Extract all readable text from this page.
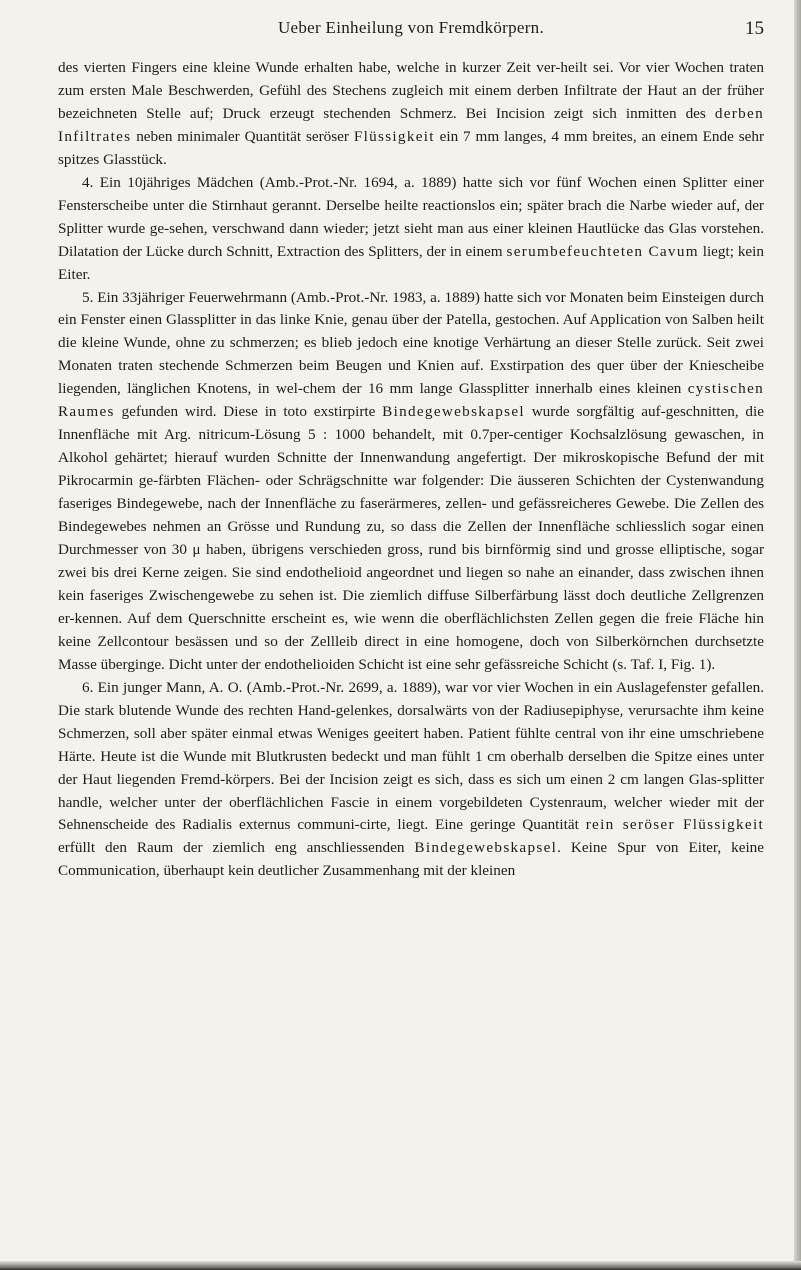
Ueber Einheilung von Fremdkörpern.	15

des vierten Fingers eine kleine Wunde erhalten habe, welche in kurzer Zeit ver-heilt sei. Vor vier Wochen traten zum ersten Male Beschwerden, Gefühl des Stechens zugleich mit einem derben Infiltrate der Haut an der früher bezeichneten Stelle auf; Druck erzeugt stechenden Schmerz. Bei Incision zeigt sich inmitten des derben Infiltrates neben minimaler Quantität seröser Flüssigkeit ein 7 mm langes, 4 mm breites, an einem Ende sehr spitzes Glasstück.

4. Ein 10jähriges Mädchen (Amb.-Prot.-Nr. 1694, a. 1889) hatte sich vor fünf Wochen einen Splitter einer Fensterscheibe unter die Stirnhaut gerannt. Derselbe heilte reactionslos ein; später brach die Narbe wieder auf, der Splitter wurde ge-sehen, verschwand dann wieder; jetzt sieht man aus einer kleinen Hautlücke das Glas vorstehen. Dilatation der Lücke durch Schnitt, Extraction des Splitters, der in einem serumbefeuchteten Cavum liegt; kein Eiter.

5. Ein 33jähriger Feuerwehrmann (Amb.-Prot.-Nr. 1983, a. 1889) hatte sich vor Monaten beim Einsteigen durch ein Fenster einen Glassplitter in das linke Knie, genau über der Patella, gestochen. Auf Application von Salben heilt die kleine Wunde, ohne zu schmerzen; es blieb jedoch eine knotige Verhärtung an dieser Stelle zurück. Seit zwei Monaten traten stechende Schmerzen beim Beugen und Knien auf. Exstirpation des quer über der Kniescheibe liegenden, länglichen Knotens, in wel-chem der 16 mm lange Glassplitter innerhalb eines kleinen cystischen Raumes gefunden wird. Diese in toto exstirpirte Bindegewebskapsel wurde sorgfältig auf-geschnitten, die Innenfläche mit Arg. nitricum-Lösung 5 : 1000 behandelt, mit 0.7per-centiger Kochsalzlösung gewaschen, in Alkohol gehärtet; hierauf wurden Schnitte der Innenwandung angefertigt. Der mikroskopische Befund der mit Pikrocarmin ge-färbten Flächen- oder Schrägschnitte war folgender: Die äusseren Schichten der Cystenwandung faseriges Bindegewebe, nach der Innenfläche zu faserärmeres, zellen- und gefässreicheres Gewebe. Die Zellen des Bindegewebes nehmen an Grösse und Rundung zu, so dass die Zellen der Innenfläche schliesslich sogar einen Durchmesser von 30 μ haben, übrigens verschieden gross, rund bis birnförmig sind und grosse elliptische, sogar zwei bis drei Kerne zeigen. Sie sind endothelioid angeordnet und liegen so nahe an einander, dass zwischen ihnen kein faseriges Zwischengewebe zu sehen ist. Die ziemlich diffuse Silberfärbung lässt doch deutliche Zellgrenzen er-kennen. Auf dem Querschnitte erscheint es, wie wenn die oberflächlichsten Zellen gegen die freie Fläche hin keine Zellcontour besässen und so der Zellleib direct in eine homogene, doch von Silberkörnchen durchsetzte Masse überginge. Dicht unter der endothelioiden Schicht ist eine sehr gefässreiche Schicht (s. Taf. I, Fig. 1).

6. Ein junger Mann, A. O. (Amb.-Prot.-Nr. 2699, a. 1889), war vor vier Wochen in ein Auslagefenster gefallen. Die stark blutende Wunde des rechten Hand-gelenkes, dorsalwärts von der Radiusepiphyse, verursachte ihm keine Schmerzen, soll aber später einmal etwas Weniges geeitert haben. Patient fühlte central von ihr eine umschriebene Härte. Heute ist die Wunde mit Blutkrusten bedeckt und man fühlt 1 cm oberhalb derselben die Spitze eines unter der Haut liegenden Fremd-körpers. Bei der Incision zeigt es sich, dass es sich um einen 2 cm langen Glas-splitter handle, welcher unter der oberflächlichen Fascie in einem vorgebildeten Cystenraum, welcher wieder mit der Sehnenscheide des Radialis externus communi-cirte, liegt. Eine geringe Quantität rein seröser Flüssigkeit erfüllt den Raum der ziemlich eng anschliessenden Bindegewebskapsel. Keine Spur von Eiter, keine Communication, überhaupt kein deutlicher Zusammenhang mit der kleinen
